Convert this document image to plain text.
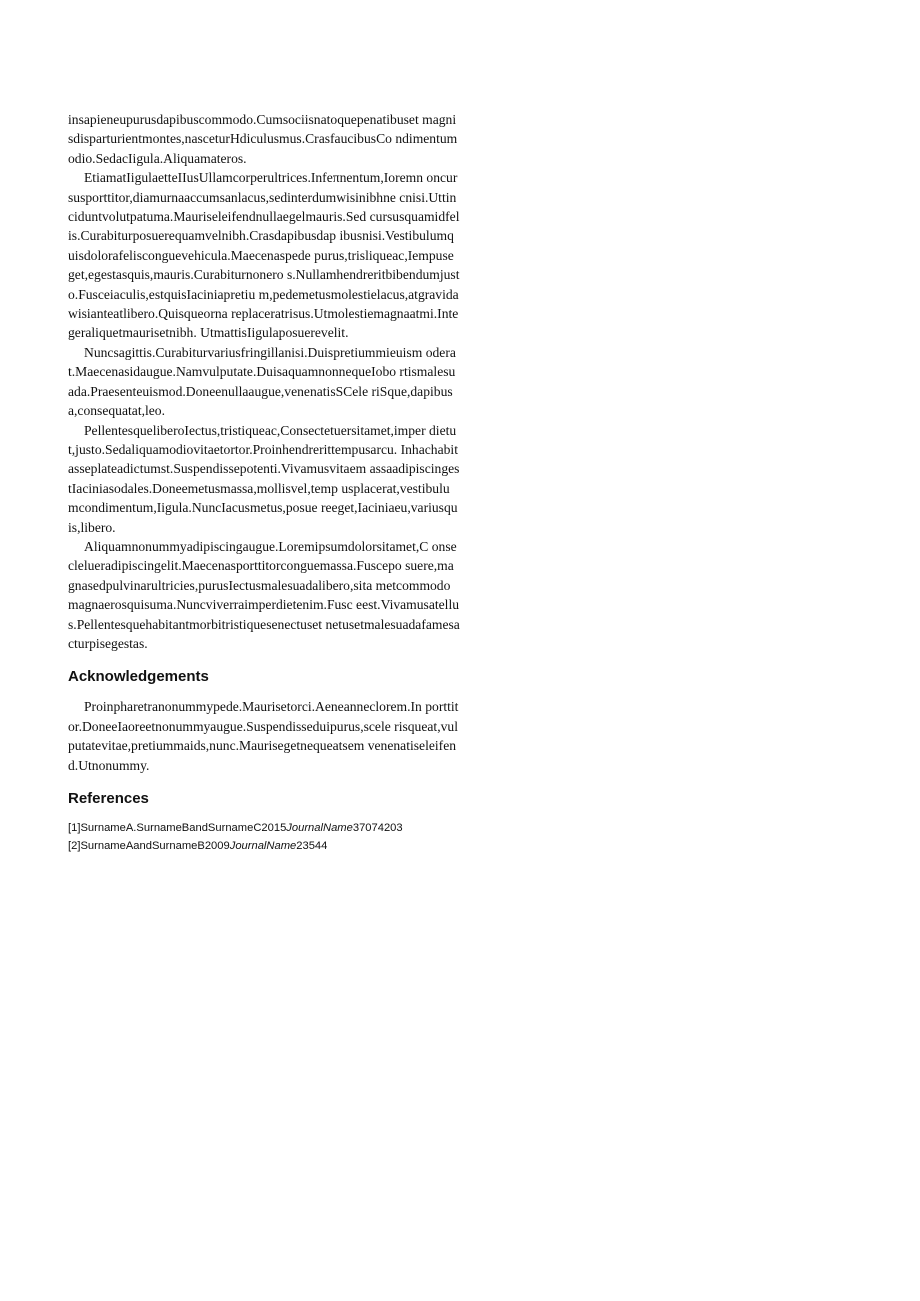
insapieneupurusdapibuscommodo.Cumsociisnatoquepenatibuset magnisdisparturientmontes,nasceturHdiculusmus.CrasfaucibusCo ndimentumodio.SedacIigula.Aliquamateros.

EtiamatIigulaetteIIusUllamcorperultrices.Infeπnentum,Ioremn oncursusporttitor,diamurnaaccumsanlacus,sedinterdumwisinibhne cnisi.Uttinciduntvolutpatuma.Mauriseleifendnullaegelmauris.Sed cursusquamidfelis.Curabiturposuerequamvelnibh.Crasdapibusdap ibusnisi.Vestibulumquisdolorafelisconguevehicula.Maecenaspede purus,trisliqueac,Iempuseget,egestasquis,mauris.Curabiturnonero s.Nullamhendreritbibendumjusto.Fusceiaculis,estquisIaciniapretiu m,pedemetusmolestielacus,atgravidawisianteatlibero.Quisqueorna replaceratrisus.Utmolestiemagnaatmi.Integeraliquetmaurisetnibh. UtmattisIigulaposuerevelit.

Nuncsagittis.Curabiturvariusfringillanisi.Duispretiummieuism oderat.Maecenasidaugue.Namvulputate.DuisaquamnonnequeIobo rtismalesuada.Praesenteuismod.Doneenullaaugue,venenatisSCele riSque,dapibusa,consequatat,leo.

PellentesqueliberoIectus,tristiqueac,Consectetuersitamet,imper dietut,justo.Sedaliquamodiovitaetortor.Proinhendrerittempusarcu. Inhachabitasseplateadictumst.Suspendissepotenti.Vivamusvitaem assaadipiscingestIaciniasodales.Doneemetusmassa,mollisvel,temp usplacerat,vestibulumcondimentum,Iigula.NuncIacusmetus,posue reeget,Iaciniaeu,variusquis,libero.

Aliquamnonummyadipiscingaugue.Loremipsumdolorsitamet,C onseclelueradipiscingelit.Maecenasporttitorconguemassa.Fuscepo suere,magnasedpulvinarultricies,purusIectusmalesuadalibero,sita metcommodomagnaerosquisuma.Nuncviverraimperdietenim.Fusc eest.Vivamusatellus.Pellentesquehabitantmorbitristiquesenectuset netusetmalesuadafamesacturpisegestas.

Acknowledgements

Proinpharetranonummypede.Maurisetorci.Aeneanneclorem.In porttitor.DoneeIaoreetnonummyaugue.Suspendisseduipurus,scele risqueat,vulputatevitae,pretiummaids,nunc.Maurisegetnequeatsem venenatiseleifend.Utnonummy.

References
[1]SurnameA.SurnameBandSurnameC2015JournalName37074203
[2]SurnameAandSurnameB2009JournalName23544
